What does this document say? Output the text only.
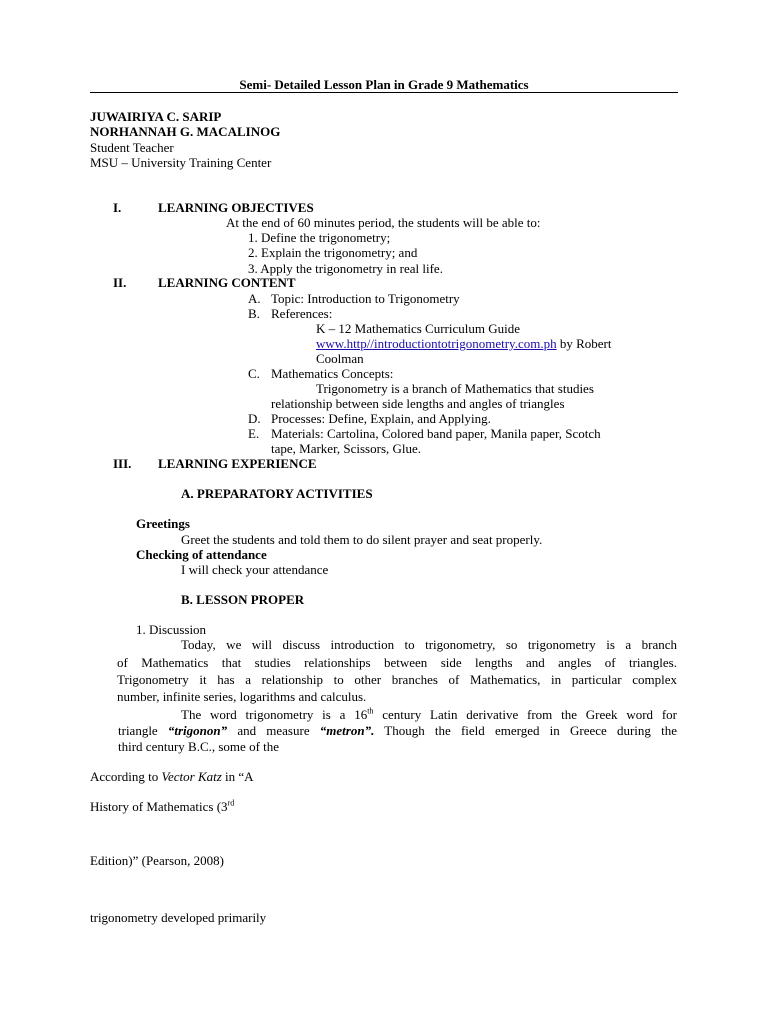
Semi- Detailed Lesson Plan in Grade 9 Mathematics
JUWAIRIYA C. SARIP
NORHANNAH G. MACALINOG
Student Teacher
MSU – University Training Center
I.	LEARNING OBJECTIVES
At the end of 60 minutes period, the students will be able to:
1. Define the trigonometry;
2. Explain the trigonometry; and
3. Apply the trigonometry in real life.
II. LEARNING CONTENT
A. Topic: Introduction to Trigonometry
B. References:
K – 12 Mathematics Curriculum Guide
www.http//introductiontotrigonometry.com.ph by Robert
Coolman
C. Mathematics Concepts:
Trigonometry is a branch of Mathematics that studies
relationship between side lengths and angles of triangles
D. Processes: Define, Explain, and Applying.
E. Materials: Cartolina, Colored band paper, Manila paper, Scotch
tape, Marker, Scissors, Glue.
III. LEARNING EXPERIENCE
A. PREPARATORY ACTIVITIES
Greetings
Greet the students and told them to do silent prayer and seat properly.
Checking of attendance
I will check your attendance
B. LESSON PROPER
1. Discussion
Today, we will discuss introduction to trigonometry, so trigonometry is a branch
of Mathematics that studies relationships between side lengths and angles of triangles.
Trigonometry it has a relationship to other branches of Mathematics, in particular complex
number, infinite series, logarithms and calculus.
The word trigonometry is a 16th century Latin derivative from the Greek word for
triangle “trigonon” and measure “metron”. Though the field emerged in Greece during the
third century B.C., some of the
According to Vector Katz in “A
History of Mathematics (3rd
Edition)” (Pearson, 2008)
trigonometry developed primarily
